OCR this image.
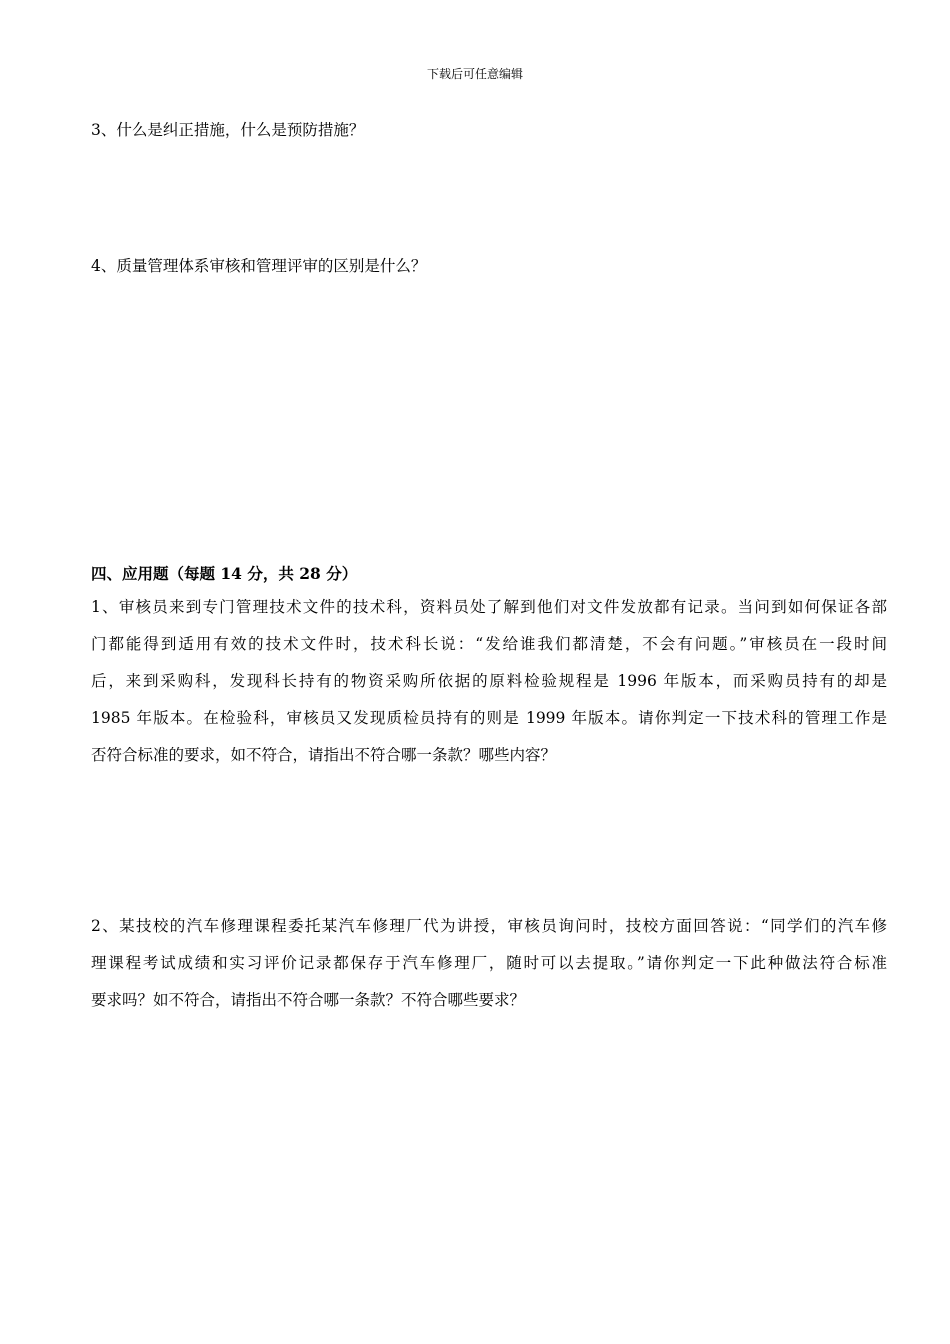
下载后可任意编辑
3、什么是纠正措施，什么是预防措施？
4、质量管理体系审核和管理评审的区别是什么？
四、应用题（每题 14 分，共 28 分）
1、审核员来到专门管理技术文件的技术科，资料员处了解到他们对文件发放都有记录。当问到如何保证各部
门都能得到适用有效的技术文件时，技术科长说：“发给谁我们都清楚，不会有问题。”审核员在一段时间
后，来到采购科，发现科长持有的物资采购所依据的原料检验规程是 1996 年版本，而采购员持有的却是
1985 年版本。在检验科，审核员又发现质检员持有的则是 1999 年版本。请你判定一下技术科的管理工作是
否符合标准的要求，如不符合，请指出不符合哪一条款？哪些内容？
2、某技校的汽车修理课程委托某汽车修理厂代为讲授，审核员询问时，技校方面回答说：“同学们的汽车修
理课程考试成绩和实习评价记录都保存于汽车修理厂，随时可以去提取。”请你判定一下此种做法符合标准
要求吗？如不符合，请指出不符合哪一条款？不符合哪些要求？
